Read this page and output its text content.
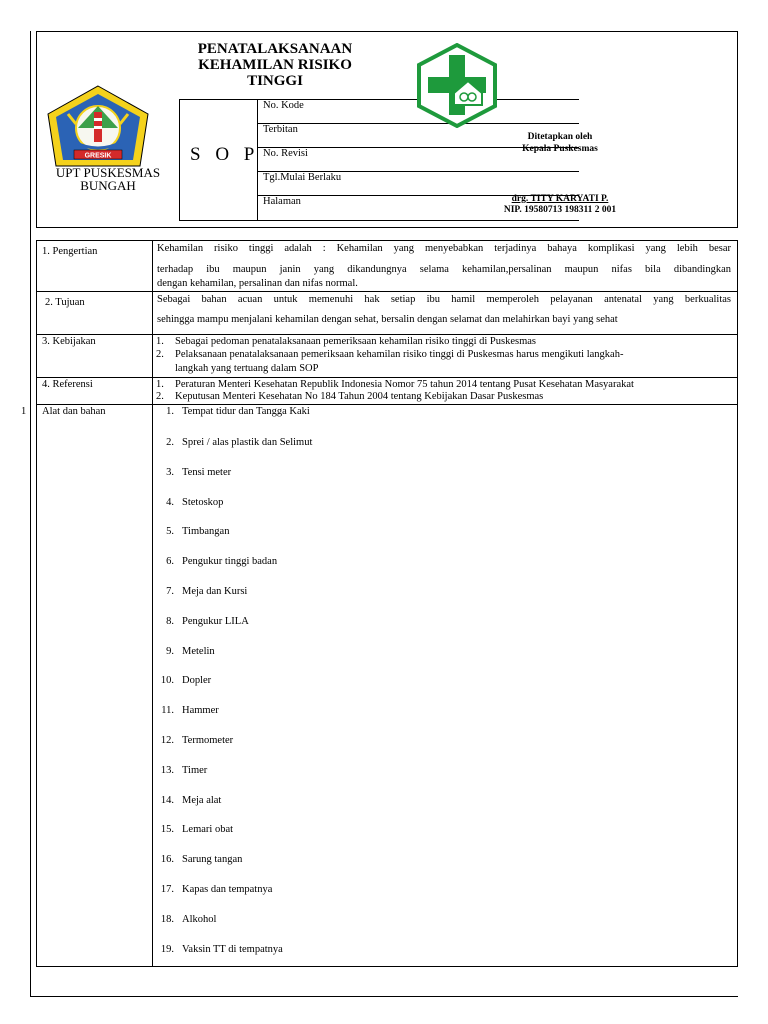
GRESIK
UPT PUSKESMAS
BUNGAH
PENATALAKSANAAN
KEHAMILAN RISIKO
TINGGI
S O P
No. Kode
Terbitan
No. Revisi
Tgl.Mulai Berlaku
Halaman
Ditetapkan oleh
Kepala Puskesmas
drg. TITY KARYATI P.
NIP. 19580713 198311 2 001
1. Pengertian	Kehamilan risiko tinggi adalah : Kehamilan yang menyebabkan terjadinya bahaya komplikasi yang lebih besar
terhadap ibu maupun janin yang dikandungnya selama kehamilan,persalinan maupun nifas bila dibandingkan
dengan kehamilan, persalinan dan nifas normal.
2. Tujuan	Sebagai bahan acuan untuk memenuhi hak setiap ibu hamil memperoleh pelayanan antenatal yang berkualitas
sehingga mampu menjalani kehamilan dengan sehat, bersalin dengan selamat dan melahirkan bayi yang sehat
3. Kebijakan	1. Sebagai pedoman penatalaksanaan pemeriksaan kehamilan risiko tinggi di Puskesmas
2. Pelaksanaan penatalaksanaan pemeriksaan kehamilan risiko tinggi di Puskesmas harus mengikuti langkah-
langkah yang tertuang dalam SOP
4. Referensi	1. Peraturan Menteri Kesehatan Republik Indonesia Nomor 75 tahun 2014 tentang Pusat Kesehatan Masyarakat
2. Keputusan Menteri Kesehatan No 184 Tahun 2004 tentang Kebijakan Dasar Puskesmas
1 Alat dan bahan	1. Tempat tidur dan Tangga Kaki
2. Sprei / alas plastik dan Selimut
3. Tensi meter
4. Stetoskop
5. Timbangan
6. Pengukur tinggi badan
7. Meja dan Kursi
8. Pengukur LILA
9. Metelin
10. Dopler
11. Hammer
12. Termometer
13. Timer
14. Meja alat
15. Lemari obat
16. Sarung tangan
17. Kapas dan tempatnya
18. Alkohol
19. Vaksin TT di tempatnya
